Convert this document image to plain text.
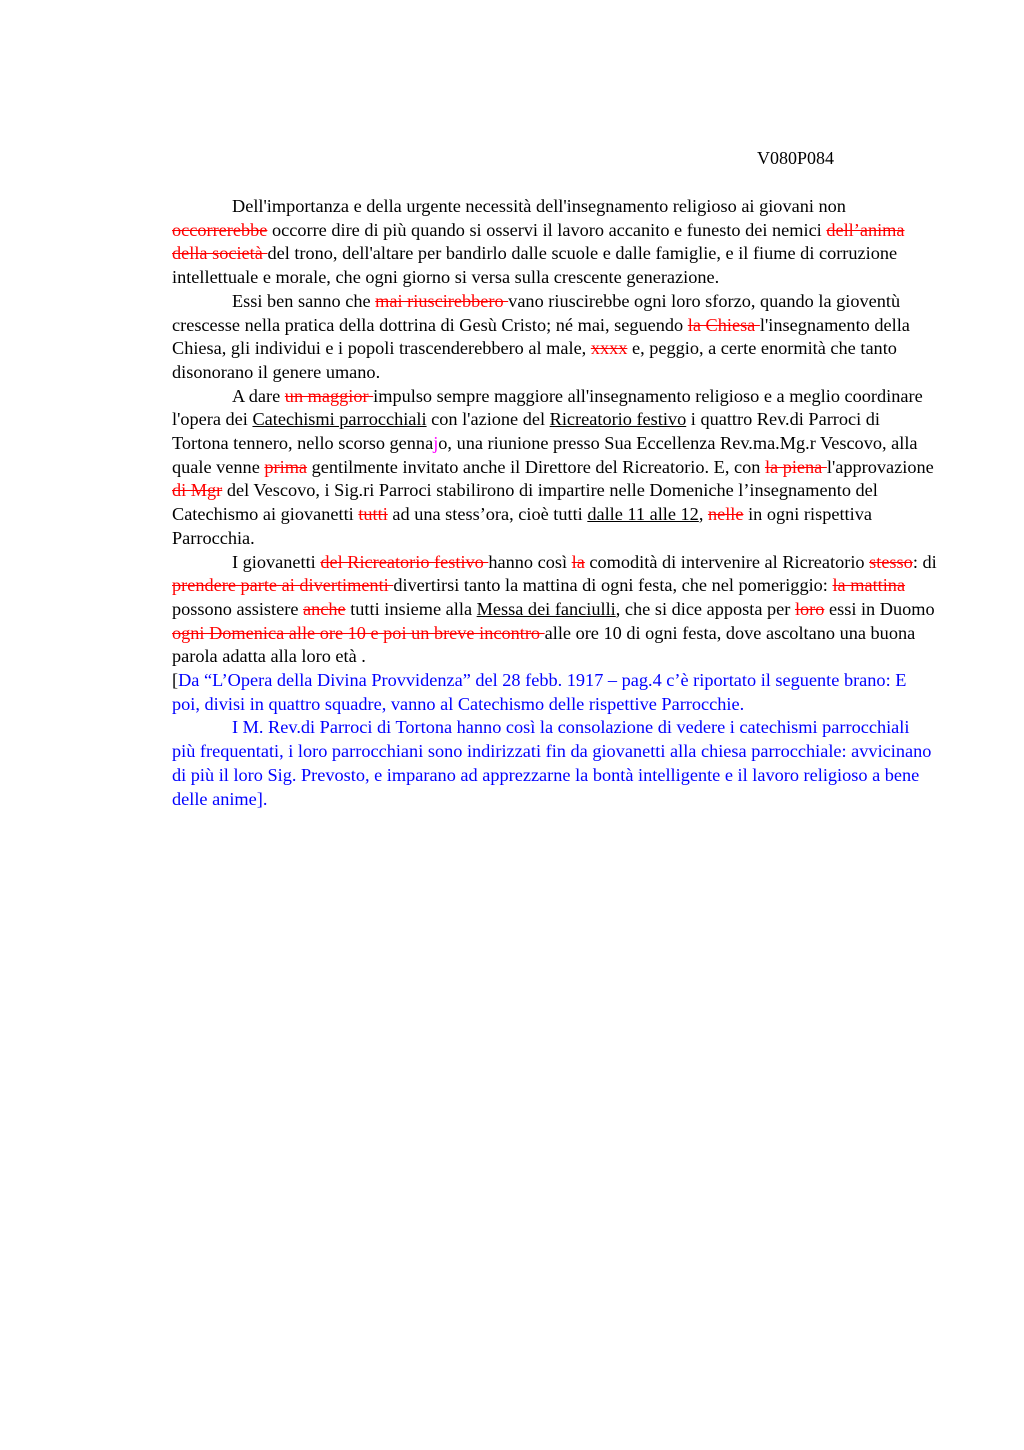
V080P084

Dell'importanza e della urgente necessità dell'insegnamento religioso ai giovani non occorrerebbe occorre dire di più quando si osservi il lavoro accanito e funesto dei nemici dell’anima della società del trono, dell'altare per bandirlo dalle scuole e dalle famiglie, e il fiume di corruzione intellettuale e morale, che ogni giorno si versa sulla crescente generazione.

Essi ben sanno che mai riuscirebbero vano riuscirebbe ogni loro sforzo, quando la gioventù crescesse nella pratica della dottrina di Gesù Cristo; né mai, seguendo la Chiesa l'insegnamento della Chiesa, gli individui e i popoli trascenderebbero al male, xxxx e, peggio, a certe enormità che tanto disonorano il genere umano.

A dare un maggior impulso sempre maggiore all'insegnamento religioso e a meglio coordinare l'opera dei Catechismi parrocchiali con l'azione del Ricreatorio festivo i quattro Rev.di Parroci di Tortona tennero, nello scorso gennajo, una riunione presso Sua Eccellenza Rev.ma.Mg.r Vescovo, alla quale venne prima gentilmente invitato anche il Direttore del Ricreatorio. E, con la piena l'approvazione di Mgr del Vescovo, i Sig.ri Parroci stabilirono di impartire nelle Domeniche l’insegnamento del Catechismo ai giovanetti tutti ad una stess’ora, cioè tutti dalle 11 alle 12, nelle in ogni rispettiva Parrocchia.

I giovanetti del Ricreatorio festivo hanno così la comodità di intervenire al Ricreatorio stesso: di prendere parte ai divertimenti divertirsi tanto la mattina di ogni festa, che nel pomeriggio: la mattina possono assistere anche tutti insieme alla Messa dei fanciulli, che si dice apposta per loro essi in Duomo ogni Domenica alle ore 10 e poi un breve incontro alle ore 10 di ogni festa, dove ascoltano una buona parola adatta alla loro età .

[Da “L’Opera della Divina Provvidenza” del 28 febb. 1917 – pag.4 c’è riportato il seguente brano: E poi, divisi in quattro squadre, vanno al Catechismo delle rispettive Parrocchie.

I M. Rev.di Parroci di Tortona hanno così la consolazione di vedere i catechismi parrocchiali più frequentati, i loro parrocchiani sono indirizzati fin da giovanetti alla chiesa parrocchiale: avvicinano di più il loro Sig. Prevosto, e imparano ad apprezzarne la bontà intelligente e il lavoro religioso a bene delle anime].
